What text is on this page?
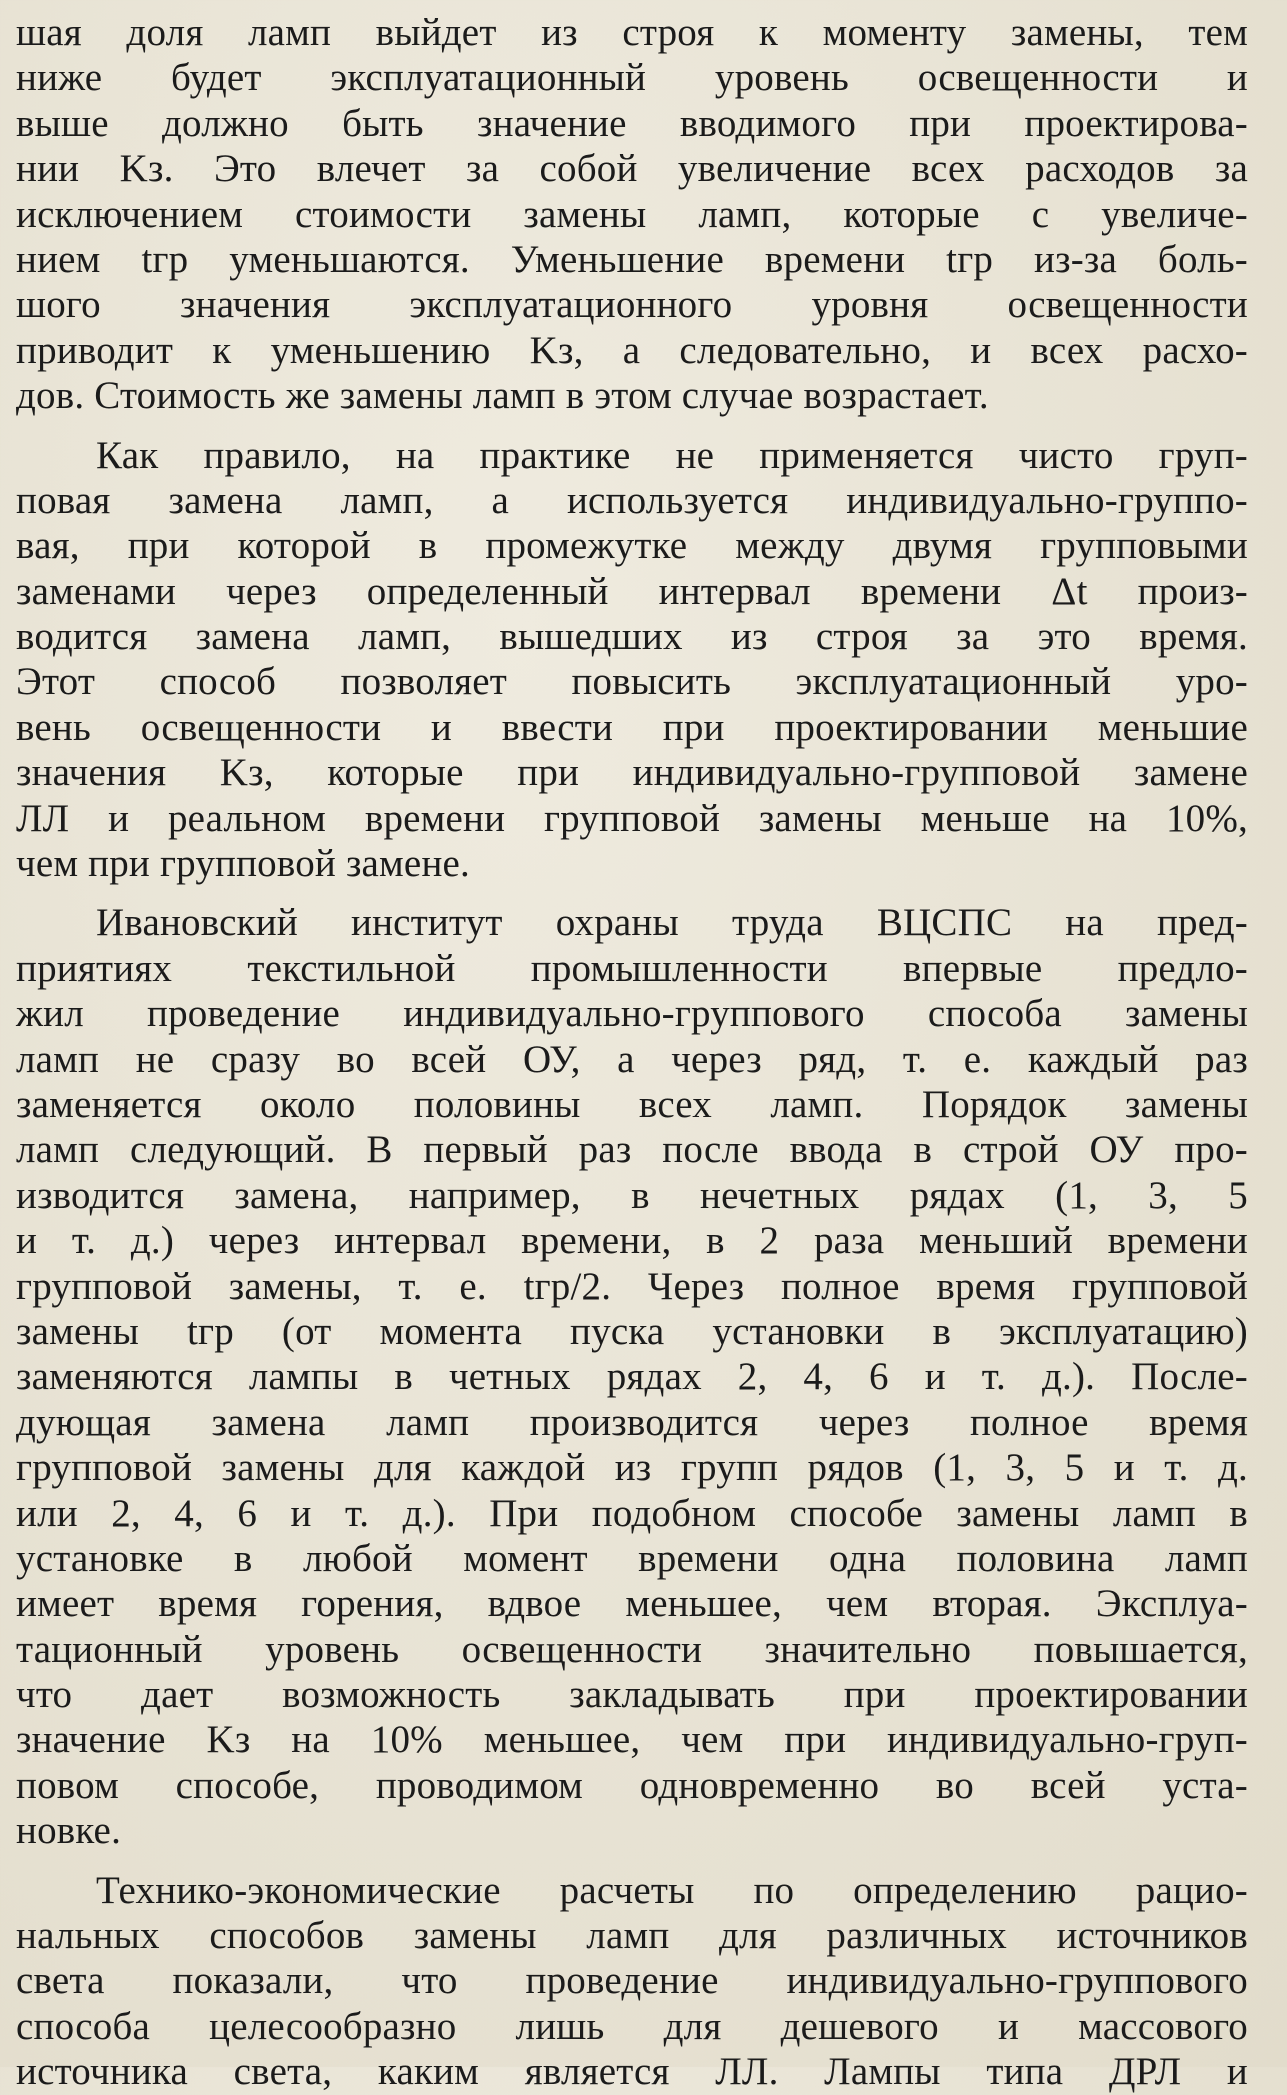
шая доля ламп выйдет из строя к моменту замены, тем
ниже будет эксплуатационный уровень освещенности и
выше должно быть значение вводимого при проектирова-
нии Kз. Это влечет за собой увеличение всех расходов за
исключением стоимости замены ламп, которые с увеличе-
нием tгр уменьшаются. Уменьшение времени tгр из-за боль-
шого значения эксплуатационного уровня освещенности
приводит к уменьшению Kз, а следовательно, и всех расхо-
дов. Стоимость же замены ламп в этом случае возрастает.
Как правило, на практике не применяется чисто груп-
повая замена ламп, а используется индивидуально-группо-
вая, при которой в промежутке между двумя групповыми
заменами через определенный интервал времени Δt произ-
водится замена ламп, вышедших из строя за это время.
Этот способ позволяет повысить эксплуатационный уро-
вень освещенности и ввести при проектировании меньшие
значения Kз, которые при индивидуально-групповой замене
ЛЛ и реальном времени групповой замены меньше на 10%,
чем при групповой замене.
Ивановский институт охраны труда ВЦСПС на пред-
приятиях текстильной промышленности впервые предло-
жил проведение индивидуально-группового способа замены
ламп не сразу во всей ОУ, а через ряд, т. е. каждый раз
заменяется около половины всех ламп. Порядок замены
ламп следующий. В первый раз после ввода в строй ОУ про-
изводится замена, например, в нечетных рядах (1, 3, 5
и т. д.) через интервал времени, в 2 раза меньший времени
групповой замены, т. е. tгр/2. Через полное время групповой
замены tгр (от момента пуска установки в эксплуатацию)
заменяются лампы в четных рядах 2, 4, 6 и т. д.). После-
дующая замена ламп производится через полное время
групповой замены для каждой из групп рядов (1, 3, 5 и т. д.
или 2, 4, 6 и т. д.). При подобном способе замены ламп в
установке в любой момент времени одна половина ламп
имеет время горения, вдвое меньшее, чем вторая. Эксплуа-
тационный уровень освещенности значительно повышается,
что дает возможность закладывать при проектировании
значение Kз на 10% меньшее, чем при индивидуально-груп-
повом способе, проводимом одновременно во всей уста-
новке.
Технико-экономические расчеты по определению рацио-
нальных способов замены ламп для различных источников
света показали, что проведение индивидуально-группового
способа целесообразно лишь для дешевого и массового
источника света, каким является ЛЛ. Лампы типа ДРЛ и
